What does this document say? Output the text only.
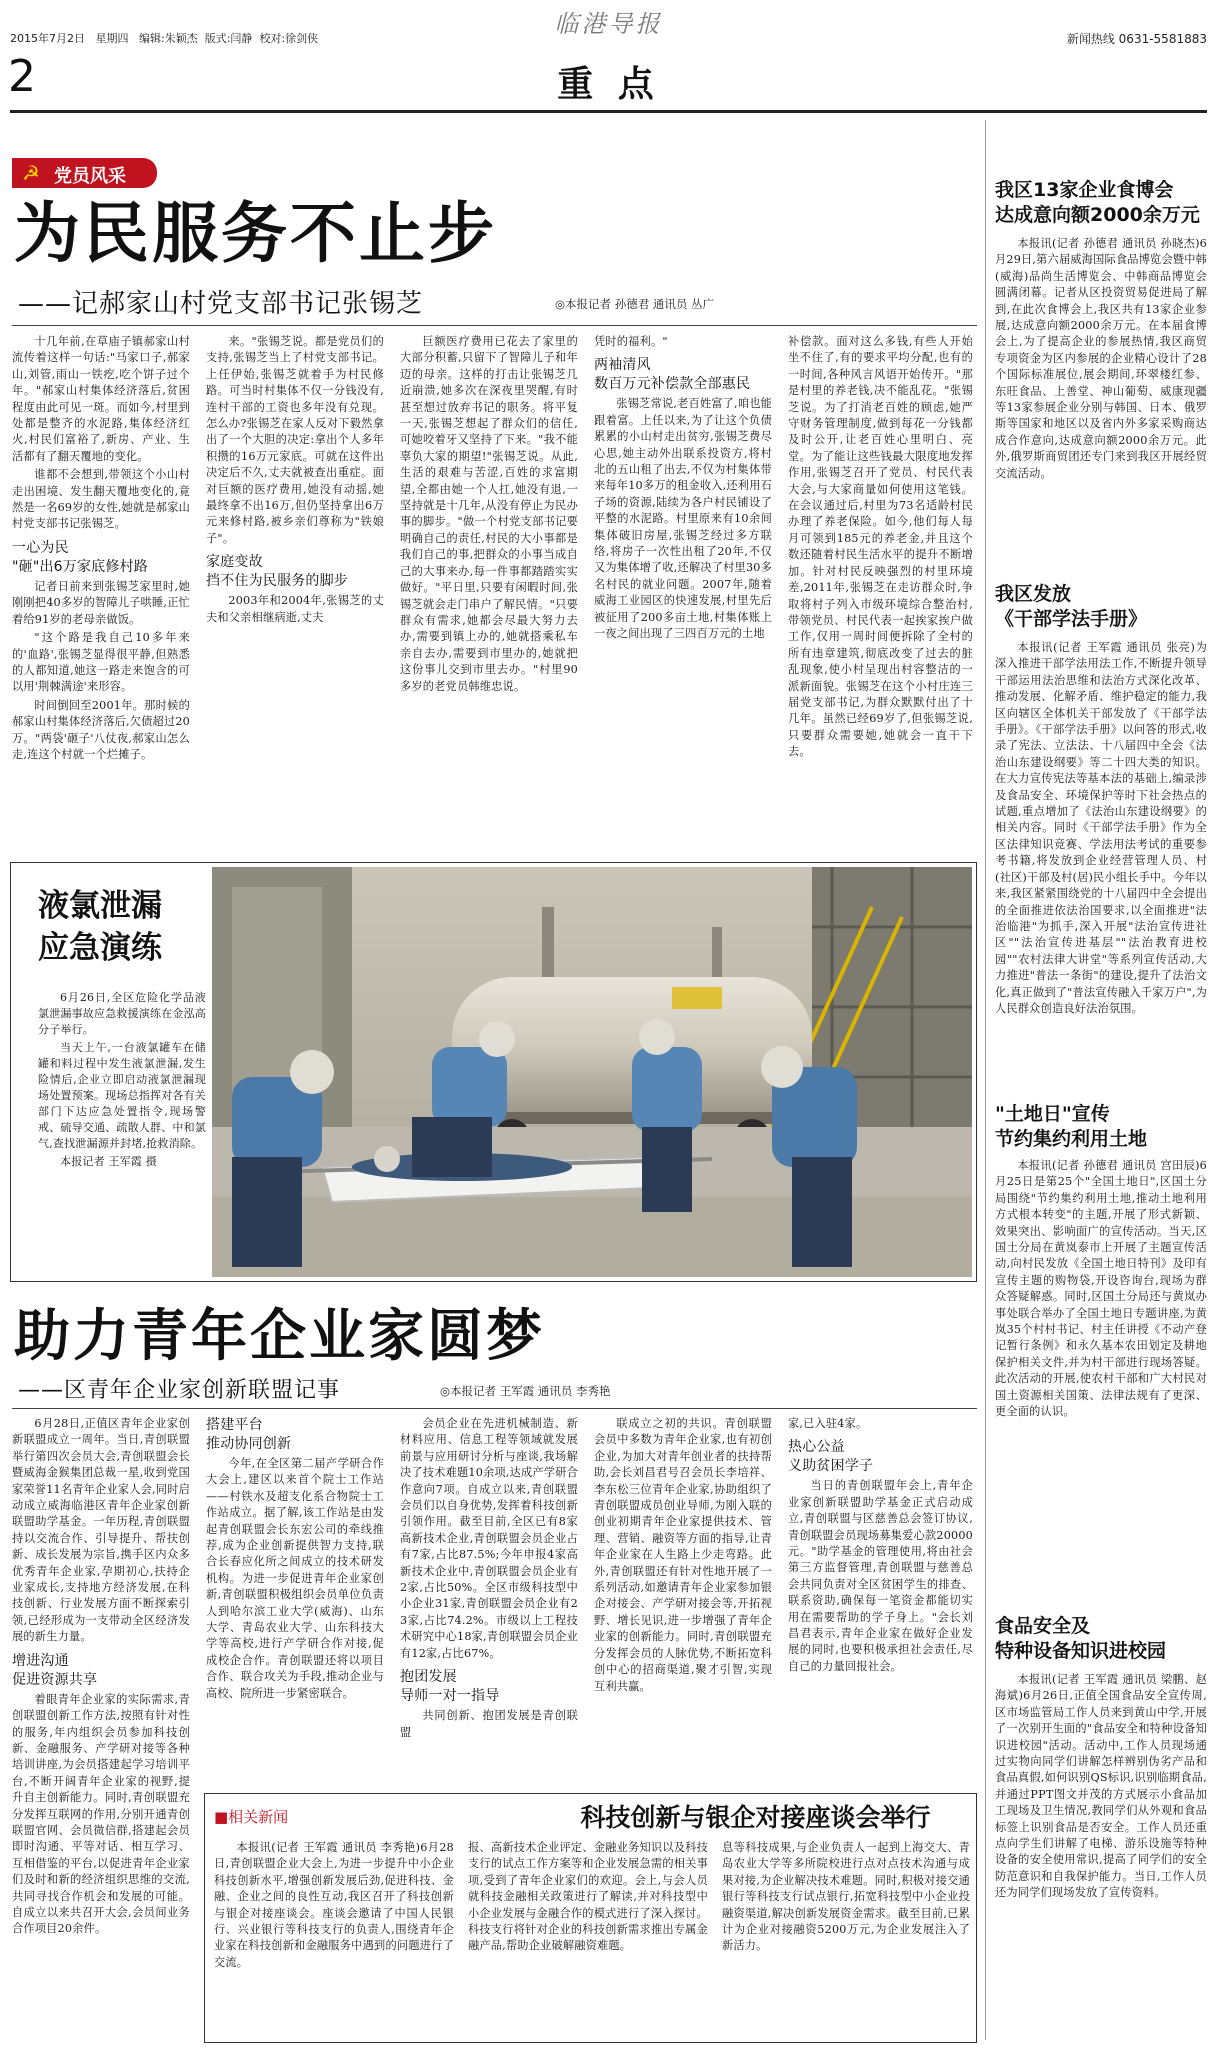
2015年7月2日 星期四 编辑:朱颖杰 版式:闫静 校对:徐剑侠
临港导报
新闻热线 0631-5581883
2	重 点
☭ 党员风采
为民服务不止步
——记郝家山村党支部书记张锡芝	◎本报记者 孙德君 通讯员 丛广

十几年前,在草庙子镇郝家山村流传着这样一句话:"马家口子,郝家山,刘管,雨山一铁疙,吃个饼子过个年。"郝家山村集体经济落后,贫困程度由此可见一斑。而如今,村里到处都是整齐的水泥路,集体经济红火,村民们富裕了,新房、产业、生活都有了翻天覆地的变化。

谁都不会想到,带领这个小山村走出困境、发生翻天覆地变化的,竟然是一名69岁的女性,她就是郝家山村党支部书记张锡芝。

一心为民
"砸"出6万家底修村路

记者日前来到张锡芝家里时,她刚刚把40多岁的智障儿子哄睡,正忙着给91岁的老母亲做饭。

"这个路是我自己10多年来的'血路',张锡芝显得很平静,但熟悉的人都知道,她这一路走来饱含的可以用'荆棘满途'来形容。

时间倒回至2001年。那时候的郝家山村集体经济落后,欠债超过20万。"两袋'砸子'八仗夜,郝家山怎么走,连这个村就一个烂摊子。

来。"张锡芝说。都是党员们的支持,张锡芝当上了村党支部书记。上任伊始,张锡芝就着手为村民修路。可当时村集体不仅一分钱没有,连村干部的工资也多年没有兑现。怎么办?张锡芝在家人反对下毅然拿出了一个大胆的决定:拿出个人多年积攒的16万元家底。可就在这件出决定后不久,丈夫就被查出重症。面对巨额的医疗费用,她没有动摇,她最终拿不出16万,但仍坚持拿出6万元来修村路,被乡亲们尊称为"铁娘子"。

家庭变故
挡不住为民服务的脚步

2003年和2004年,张锡芝的丈夫和父亲相继病逝,丈夫

巨额医疗费用已花去了家里的大部分积蓄,只留下了智障儿子和年迈的母亲。这样的打击让张锡芝几近崩溃,她多次在深夜里哭醒,有时甚至想过放弃书记的职务。将平复一天,张锡芝想起了群众们的信任,可她咬着牙又坚持了下来。"我不能辜负大家的期望!"张锡芝说。从此,生活的艰难与苦涩,百姓的求富期望,全都由她一个人扛,她没有退,一坚持就是十几年,从没有停止为民办事的脚步。"做一个村党支部书记要明确自己的责任,村民的大小事都是我们自己的事,把群众的小事当成自己的大事来办,每一件事都踏踏实实做好。"平日里,只要有闲暇时间,张锡芝就会走门串户了解民情。"只要群众有需求,她都会尽最大努力去办,需要到镇上办的,她就搭乘私车亲自去办,需要到市里办的,她就把这份事儿交到市里去办。"村里90多岁的老党员韩维忠说。

凭时的福利。"

两袖清风
数百万元补偿款全部惠民

张锡芝常说,老百姓富了,咱也能跟着富。上任以来,为了让这个负债累累的小山村走出贫穷,张锡芝费尽心思,她主动外出联系投资方,将村北的五山租了出去,不仅为村集体带来每年10多万的租金收入,还利用石子场的资源,陆续为各户村民铺设了平整的水泥路。村里原来有10余间集体破旧房屋,张锡芝经过多方联络,将房子一次性出租了20年,不仅又为集体增了收,还解决了村里30多名村民的就业问题。2007年,随着威海工业园区的快速发展,村里先后被征用了200多亩土地,村集体账上一夜之间出现了三四百万元的土地

补偿款。面对这么多钱,有些人开始坐不住了,有的要求平均分配,也有的一时间,各种风言风语开始传开。"那是村里的养老钱,决不能乱花。"张锡芝说。为了打消老百姓的顾虑,她严守财务管理制度,做到每花一分钱都及时公开,让老百姓心里明白、亮堂。为了能让这些钱最大限度地发挥作用,张锡芝召开了党员、村民代表大会,与大家商量如何使用这笔钱。在会议通过后,村里为73名适龄村民办理了养老保险。如今,他们每人每月可领到185元的养老金,并且这个数还随着村民生活水平的提升不断增加。针对村民反映强烈的村里环境差,2011年,张锡芝在走访群众时,争取将村子列入市级环境综合整治村,带领党员、村民代表一起挨家挨户做工作,仅用一周时间便拆除了全村的所有违章建筑,彻底改变了过去的脏乱现象,使小村呈现出村容整洁的一派新面貌。张锡芝在这个小村庄连三届党支部书记,为群众默默付出了十几年。虽然已经69岁了,但张锡芝说,只要群众需要她,她就会一直干下去。

液氯泄漏
应急演练

6月26日,全区危险化学品液氯泄漏事故应急救援演练在金泓高分子举行。

当天上午,一台液氯罐车在储罐和料过程中发生液氯泄漏,发生险情后,企业立即启动液氯泄漏现场处置预案。现场总指挥对各有关部门下达应急处置指令,现场警戒、硫导交通、疏散人群、中和氯气,查找泄漏源并封堵,抢救消除。

本报记者 王军霞 摄

助力青年企业家圆梦
——区青年企业家创新联盟记事	◎本报记者 王军霞 通讯员 李秀艳

6月28日,正值区青年企业家创新联盟成立一周年。当日,青创联盟举行第四次会员大会,青创联盟会长暨威海金猴集团总裁一星,收到党国家荣誉11名青年企业家人会,同时启动成立威海临港区青年企业家创新联盟助学基金。一年历程,青创联盟持以交流合作、引导提升、帮扶创新、成长发展为宗旨,携手区内众多优秀青年企业家,孕期初心,扶持企业家成长,支持地方经济发展,在科技创新、行业发展方面不断探索引领,已经形成为一支带动全区经济发展的新生力量。

增进沟通
促进资源共享

着眼青年企业家的实际需求,青创联盟创新工作方法,按照有针对性的服务,年内组织会员参加科技创新、金融服务、产学研对接等各种培训讲座,为会员搭建起学习培训平台,不断开阔青年企业家的视野,提升自主创新能力。同时,青创联盟充分发挥互联网的作用,分别开通青创联盟官网、会员微信群,搭建起会员即时沟通、平等对话、相互学习、互相借鉴的平台,以促进青年企业家们及时和新的经济组织思维的交流,共同寻找合作机会和发展的可能。自成立以来共召开大会,会员间业务合作项目20余件。

搭建平台
推动协同创新

今年,在全区第二届产学研合作大会上,建区以来首个院士工作站——村铁水及超支化系合物院士工作站成立。据了解,该工作站是由发起青创联盟会长东宏公司的牵线推荐,成为企业创新提供智力支持,联合长春应化所之间成立的技术研发机构。为进一步促进青年企业家创新,青创联盟积极组织会员单位负责人到哈尔滨工业大学(威海)、山东大学、青岛农业大学、山东科技大学等高校,进行产学研合作对接,促成校企合作。青创联盟还将以项目合作、联合攻关为手段,推动企业与高校、院所进一步紧密联合。

会员企业在先进机械制造、新材料应用、信息工程等领域就发展前景与应用研讨分析与座谈,我场解决了技术难题10余项,达成产学研合作意向7项。自成立以来,青创联盟会员们以自身优势,发挥着科技创新引领作用。截至目前,全区已有8家高新技术企业,青创联盟会员企业占有7家,占比87.5%;今年申报4家高新技术企业中,青创联盟会员企业有2家,占比50%。全区市级科技型中小企业31家,青创联盟会员企业有23家,占比74.2%。市级以上工程技术研究中心18家,青创联盟会员企业有12家,占比67%。

抱团发展
导师一对一指导

共同创新、抱团发展是青创联盟

联成立之初的共识。青创联盟会员中多数为青年企业家,也有初创企业,为加大对青年创业者的扶持帮助,会长刘昌君号召会员长李培祥、李东松三位青年企业家,协助组织了青创联盟成员创业导师,为刚入联的创业初期青年企业家提供技术、管理、营销、融资等方面的指导,让青年企业家在人生路上少走弯路。此外,青创联盟还有针对性地开展了一系列活动,如邀请青年企业家参加银企对接会、产学研对接会等,开拓视野、增长见识,进一步增强了青年企业家的创新能力。同时,青创联盟充分发挥会员的人脉优势,不断拓宽科创中心的招商渠道,聚才引智,实现互利共赢。

家,已入驻4家。

热心公益
义助贫困学子

当日的青创联盟年会上,青年企业家创新联盟助学基金正式启动成立,青创联盟与区慈善总会签订协议,青创联盟会员现场募集爱心款20000元。"助学基金的管理使用,将由社会第三方监督管理,青创联盟与慈善总会共同负责对全区贫困学生的排查、联系资助,确保每一笔资金都能切实用在需要帮助的学子身上。"会长刘昌君表示,青年企业家在做好企业发展的同时,也要积极承担社会责任,尽自己的力量回报社会。

■相关新闻	科技创新与银企对接座谈会举行

本报讯(记者 王军霞 通讯员 李秀艳)6月28日,青创联盟企业大会上,为进一步提升中小企业科技创新水平,增强创新发展后劲,促进科技、金融、企业之间的良性互动,我区召开了科技创新与银企对接座谈会。座谈会邀请了中国人民银行、兴业银行等科技支行的负责人,围绕青年企业家在科技创新和金融服务中遇到的问题进行了交流。

报、高新技术企业评定、金融业务知识以及科技支行的试点工作方案等和企业发展急需的相关事项,受到了青年企业家们的欢迎。会上,与会人员就科技金融相关政策进行了解读,并对科技型中小企业发展与金融合作的模式进行了深入探讨。科技支行将针对企业的科技创新需求推出专属金融产品,帮助企业破解融资难题。

息等科技成果,与企业负责人一起到上海交大、青岛农业大学等多所院校进行点对点技术沟通与成果对接,为企业解决技术难题。同时,积极对接交通银行等科技支行试点银行,拓宽科技型中小企业投融资渠道,解决创新发展资金需求。截至目前,已累计为企业对接融资5200万元,为企业发展注入了新活力。

我区13家企业食博会
达成意向额2000余万元

本报讯(记者 孙德君 通讯员 孙晓杰)6月29日,第六届威海国际食品博览会暨中韩(威海)品尚生活博览会、中韩商品博览会圆满闭幕。记者从区投资贸易促进局了解到,在此次食博会上,我区共有13家企业参展,达成意向额2000余万元。在本届食博会上,为了提高企业的参展热情,我区商贸专项资金为区内参展的企业精心设计了28个国际标准展位,展会期间,环翠楼红参、东旺食品、上善堂、神山葡萄、威康现疆等13家参展企业分别与韩国、日本、俄罗斯等国家和地区以及省内外多家采购商达成合作意向,达成意向额2000余万元。此外,俄罗斯商贸团还专门来到我区开展经贸交流活动。

我区发放
《干部学法手册》

本报讯(记者 王军霞 通讯员 张亮)为深入推进干部学法用法工作,不断提升领导干部运用法治思维和法治方式深化改革、推动发展、化解矛盾、维护稳定的能力,我区向辖区全体机关干部发放了《干部学法手册》。《干部学法手册》以问答的形式,收录了宪法、立法法、十八届四中全会《法治山东建设纲要》等二十四大类的知识。在大力宣传宪法等基本法的基础上,编录涉及食品安全、环境保护等时下社会热点的试题,重点增加了《法治山东建设纲要》的相关内容。同时《干部学法手册》作为全区法律知识竞赛、学法用法考试的重要参考书籍,将发放到企业经营管理人员、村(社区)干部及村(居)民小组长手中。今年以来,我区紧紧围绕党的十八届四中全会提出的全面推进依法治国要求,以全面推进"法治临港"为抓手,深入开展"法治宣传进社区""法治宣传进基层""法治教育进校园""农村法律大讲堂"等系列宣传活动,大力推进"普法一条街"的建设,提升了法治文化,真正做到了"普法宣传融入千家万户",为人民群众创造良好法治氛围。

"土地日"宣传
节约集约利用土地

本报讯(记者 孙德君 通讯员 宫田辰)6月25日是第25个"全国土地日",区国土分局围绕"节约集约利用土地,推动土地利用方式根本转变"的主题,开展了形式新颖、效果突出、影响面广的宣传活动。当天,区国土分局在黄岚泰市上开展了主题宣传活动,向村民发放《全国土地日特刊》及印有宣传主题的购物袋,开设咨询台,现场为群众答疑解惑。同时,区国土分局还与黄岚办事处联合举办了全国土地日专题讲座,为黄岚35个村村书记、村主任讲授《不动产登记暂行条例》和永久基本农田划定及耕地保护相关文件,并为村干部进行现场答疑。此次活动的开展,使农村干部和广大村民对国土资源相关国策、法律法规有了更深、更全面的认识。

食品安全及
特种设备知识进校园

本报讯(记者 王军霞 通讯员 梁鹏、赵海斌)6月26日,正值全国食品安全宣传周,区市场监管局工作人员来到黄山中学,开展了一次别开生面的"食品安全和特种设备知识进校园"活动。活动中,工作人员现场通过实物向同学们讲解怎样辨别伪劣产品和食品真假,如何识别QS标识,识别临期食品,并通过PPT图文并茂的方式展示小食品加工现场及卫生情况,教同学们从外观和食品标签上识别食品是否安全。工作人员还重点向学生们讲解了电梯、游乐设施等特种设备的安全使用常识,提高了同学们的安全防范意识和自我保护能力。当日,工作人员还为同学们现场发放了宣传资料。
